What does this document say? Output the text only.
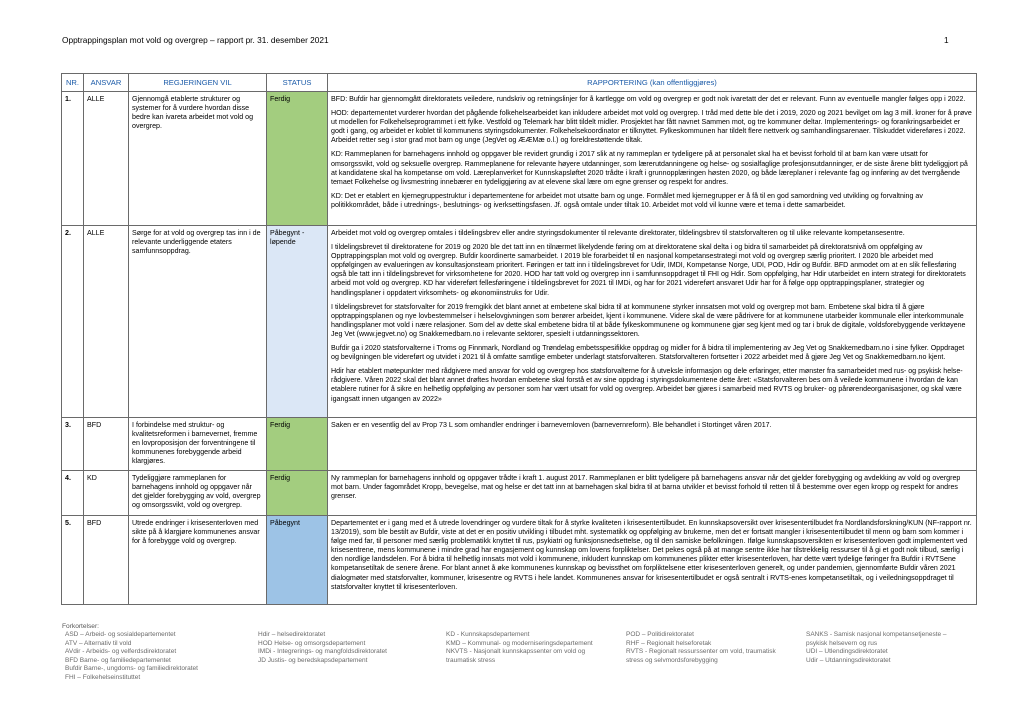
Opptrappingsplan mot vold og overgrep – rapport pr. 31. desember 2021	1
NR.	ANSVAR	REGJERINGEN VIL	STATUS	RAPPORTERING (kan offentliggjøres)
1.	ALLE	Gjennomgå etablerte strukturer og systemer for å vurdere hvordan disse bedre kan ivareta arbeidet mot vold og overgrep.	Ferdig	BFD: Bufdir har gjennomgått direktoratets veiledere, rundskriv og retningslinjer for å kartlegge om vold og overgrep er godt nok ivaretatt der det er relevant. Funn av eventuelle mangler følges opp i 2022.

HOD: departementet vurderer hvordan det pågående folkehelsearbeidet kan inkludere arbeidet mot vold og overgrep. I tråd med dette ble det i 2019, 2020 og 2021 bevilget om lag 3 mill. kroner for å prøve ut modellen for Folkehelseprogrammet i ett fylke. Vestfold og Telemark har blitt tildelt midler. Prosjektet har fått navnet Sammen mot, og tre kommuner deltar. Implementerings- og forankringsarbeidet er godt i gang, og arbeidet er koblet til kommunens styringsdokumenter. Folkehelsekoordinator er tilknyttet. Fylkeskommunen har tildelt flere nettverk og samhandlingsarenaer. Tilskuddet videreføres i 2022. Arbeidet retter seg i stor grad mot barn og unge (JegVet og ÆÆMæ o.l.) og foreldrestøttende tiltak.

KD: Rammeplanen for barnehagens innhold og oppgaver ble revidert grundig i 2017 slik at ny rammeplan er tydeligere på at personalet skal ha et bevisst forhold til at barn kan være utsatt for omsorgssvikt, vold og seksuelle overgrep. Rammeplanene for relevante høyere utdanninger, som lærerutdanningene og helse- og sosialfaglige profesjonsutdanninger, er de siste årene blitt tydeliggjort på at kandidatene skal ha kompetanse om vold. Læreplanverket for Kunnskapsløftet 2020 trådte i kraft i grunnopplæringen høsten 2020, og både læreplaner i relevante fag og innføring av det tverrgående temaet Folkehelse og livsmestring innebærer en tydeliggjøring av at elevene skal lære om egne grenser og respekt for andres.

KD: Det er etablert en kjernegruppestruktur i departementene for arbeidet mot utsatte barn og unge. Formålet med kjernegrupper er å få til en god samordning ved utvikling og forvaltning av politikkområdet, både i utrednings-, beslutnings- og iverksettingsfasen. Jf. også omtale under tiltak 10. Arbeidet mot vold vil kunne være et tema i dette samarbeidet.

2.	ALLE	Sørge for at vold og overgrep tas inn i de relevante underliggende etaters samfunnsoppdrag.	Påbegynt - løpende	Arbeidet mot vold og overgrep omtales i tildelingsbrev eller andre styringsdokumenter til relevante direktorater, tildelingsbrev til statsforvalteren og til ulike relevante kompetansesentre.

I tildelingsbrevet til direktoratene for 2019 og 2020 ble det tatt inn en tilnærmet likelydende føring om at direktoratene skal delta i og bidra til samarbeidet på direktoratsnivå om oppfølging av Opptrappingsplan mot vold og overgrep. Bufdir koordinerte samarbeidet. I 2019 ble forarbeidet til en nasjonal kompetansestrategi mot vold og overgrep særlig prioritert. I 2020 ble arbeidet med oppfølgingen av evalueringen av konsultasjonsteam prioritert. Føringen er tatt inn i tildelingsbrevet for Udir, IMDI, Kompetanse Norge, UDI, POD, Hdir og Bufdir. BFD anmodet om at en slik fellesføring også ble tatt inn i tildelingsbrevet for virksomhetene for 2020. HOD har tatt vold og overgrep inn i samfunnsoppdraget til FHI og Hdir. Som oppfølging, har Hdir utarbeidet en intern strategi for direktoratets arbeid mot vold og overgrep. KD har videreført fellesføringene i tildelingsbrevet for 2021 til IMDi, og har for 2021 videreført ansvaret Udir har for å følge opp opptrappingsplaner, strategier og handlingsplaner i oppdatert virksomhets- og økonomiinstruks for Udir.

I tildelingsbrevet for statsforvalter for 2019 fremgikk det blant annet at embetene skal bidra til at kommunene styrker innsatsen mot vold og overgrep mot barn. Embetene skal bidra til å gjøre opptrappingsplanen og nye lovbestemmelser i helselovgivningen som berører arbeidet, kjent i kommunene. Videre skal de være pådrivere for at kommunene utarbeider kommunale eller interkommunale handlingsplaner mot vold i nære relasjoner. Som del av dette skal embetene bidra til at både fylkeskommunene og kommunene gjør seg kjent med og tar i bruk de digitale, voldsforebyggende verktøyene Jeg Vet (www.jegvet.no) og Snakkemedbarn.no i relevante sektorer, spesielt i utdanningssektoren.

Bufdir ga i 2020 statsforvalterne i Troms og Finnmark, Nordland og Trøndelag embetsspesifikke oppdrag og midler for å bidra til implementering av Jeg Vet og Snakkemedbarn.no i sine fylker. Oppdraget og bevilgningen ble videreført og utvidet i 2021 til å omfatte samtlige embeter underlagt statsforvalteren. Statsforvalteren fortsetter i 2022 arbeidet med å gjøre Jeg Vet og Snakkemedbarn.no kjent.

Hdir har etablert møtepunkter med rådgivere med ansvar for vold og overgrep hos statsforvalterne for å utveksle informasjon og dele erfaringer, etter mønster fra samarbeidet med rus- og psykisk helse-rådgivere. Våren 2022 skal det blant annet drøftes hvordan embetene skal forstå et av sine oppdrag i styringsdokumentene dette året: «Statsforvalteren bes om å veilede kommunene i hvordan de kan etablere rutiner for å sikre en helhetlig oppfølging av personer som har vært utsatt for vold og overgrep. Arbeidet bør gjøres i samarbeid med RVTS og bruker- og pårørendeorganisasjoner, og skal være igangsatt innen utgangen av 2022»

3.	BFD	I forbindelse med struktur- og kvalitetsreformen i barnevernet, fremme en lovproposisjon der forventningene til kommunenes forebyggende arbeid klargjøres.	Ferdig	Saken er en vesentlig del av Prop 73 L som omhandler endringer i barnevernloven (barnevernreform). Ble behandlet i Stortinget våren 2017.

4.	KD	Tydeliggjøre rammeplanen for barnehagens innhold og oppgaver når det gjelder forebygging av vold, overgrep og omsorgssvikt, vold og overgrep.	Ferdig	Ny rammeplan for barnehagens innhold og oppgaver trådte i kraft 1. august 2017. Rammeplanen er blitt tydeligere på barnehagens ansvar når det gjelder forebygging og avdekking av vold og overgrep mot barn. Under fagområdet Kropp, bevegelse, mat og helse er det tatt inn at barnehagen skal bidra til at barna utvikler et bevisst forhold til retten til å bestemme over egen kropp og respekt for andres grenser.

5.	BFD	Utrede endringer i krisesenterloven med sikte på å klargjøre kommunenes ansvar for å forebygge vold og overgrep.	Påbegynt	Departementet er i gang med et å utrede lovendringer og vurdere tiltak for å styrke kvaliteten i krisesentertilbudet. En kunnskapsoversikt over krisesentertilbudet fra Nordlandsforskning/KUN (NF-rapport nr. 13/2019), som ble bestilt av Bufdir, viste at det er en positiv utvikling i tilbudet mht. systematikk og oppfølging av brukerne, men det er fortsatt mangler i krisesentertilbudet til menn og barn som kommer i følge med far, til personer med særlig problematikk knyttet til rus, psykiatri og funksjonsnedsettelse, og til den samiske befolkningen. Ifølge kunnskapsoversikten er krisesenterloven godt implementert ved krisesentrene, mens kommunene i mindre grad har engasjement og kunnskap om lovens forpliktelser. Det pekes også på at mange sentre ikke har tilstrekkelig ressurser til å gi et godt nok tilbud, særlig i den nordlige landsdelen. For å bidra til helhetlig innsats mot vold i kommunene, inkludert kunnskap om kommunenes plikter etter krisesenterloven, har dette vært tydelige føringer fra Bufdir i RVTSene kompetansetiltak de senere årene. For blant annet å øke kommunenes kunnskap og bevissthet om forpliktelsene etter krisesenterloven generelt, og under pandemien, gjennomførte Bufdir våren 2021 dialogmøter med statsforvalter, kommuner, krisesentre og RVTS i hele landet. Kommunenes ansvar for krisesentertilbudet er også sentralt i RVTS-enes kompetansetiltak, og i veiledningsoppdraget til statsforvalter knyttet til krisesenterloven.

Forkortelser:
ASD – Arbeid- og sosialdepartementet
ATV – Alternativ til vold
AVdir - Arbeids- og velferdsdirektoratet
BFD Barne- og familiedepartementet
Bufdir Barne-, ungdoms- og familiedirektoratet
FHI – Folkehelseinstituttet
Hdir – helsedirektoratet
HOD Helse- og omsorgsdepartement
IMDi - Integrerings- og mangfoldsdirektoratet
JD Justis- og beredskapsdepartement
KD - Kunnskapsdepartement
KMD – Kommunal- og moderniseringsdepartement
NKVTS - Nasjonalt kunnskapssenter om vold og
traumatisk stress
POD – Politidirektoratet
RHF – Regionalt helseforetak
RVTS - Regionalt ressurssenter om vold, traumatisk
stress og selvmordsforebygging
SANKS - Samisk nasjonal kompetansetjeneste –
psykisk helsevern og rus
UDI – Utlendingsdirektoratet
Udir – Utdanningsdirektoratet
